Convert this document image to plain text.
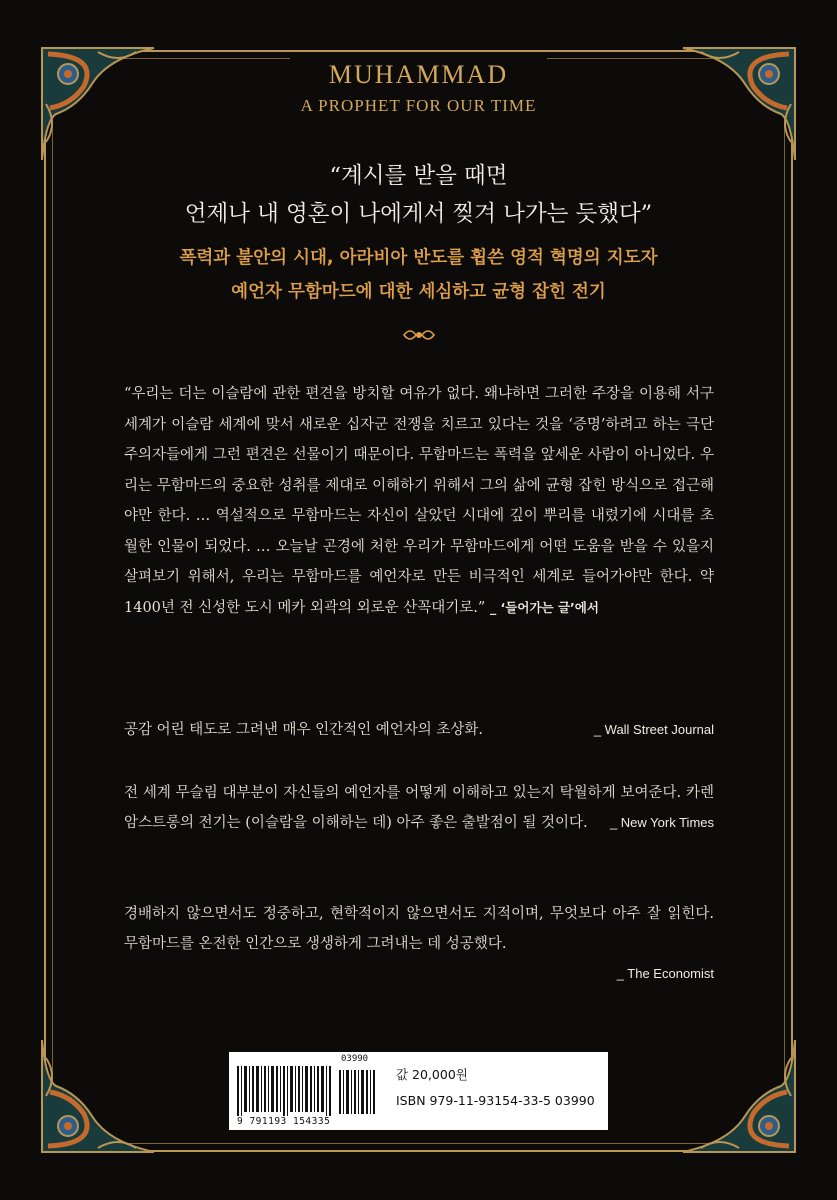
MUHAMMAD
A PROPHET FOR OUR TIME
“계시를 받을 때면
언제나 내 영혼이 나에게서 찢겨 나가는 듯했다”
폭력과 불안의 시대, 아라비아 반도를 휩쓴 영적 혁명의 지도자
예언자 무함마드에 대한 세심하고 균형 잡힌 전기
“우리는 더는 이슬람에 관한 편견을 방치할 여유가 없다. 왜냐하면 그러한 주장을 이용해 서구 세계가 이슬람 세계에 맞서 새로운 십자군 전쟁을 치르고 있다는 것을 ‘증명’하려고 하는 극단주의자들에게 그런 편견은 선물이기 때문이다. 무함마드는 폭력을 앞세운 사람이 아니었다. 우리는 무함마드의 중요한 성취를 제대로 이해하기 위해서 그의 삶에 균형 잡힌 방식으로 접근해야만 한다. … 역설적으로 무함마드는 자신이 살았던 시대에 깊이 뿌리를 내렸기에 시대를 초월한 인물이 되었다. … 오늘날 곤경에 처한 우리가 무함마드에게 어떤 도움을 받을 수 있을지 살펴보기 위해서, 우리는 무함마드를 예언자로 만든 비극적인 세계로 들어가야만 한다. 약 1400년 전 신성한 도시 메카 외곽의 외로운 산꼭대기로.” _ ‘들어가는 글’에서
공감 어린 태도로 그려낸 매우 인간적인 예언자의 초상화.	_ Wall Street Journal
전 세계 무슬림 대부분이 자신들의 예언자를 어떻게 이해하고 있는지 탁월하게 보여준다. 카렌 암스트롱의 전기는 (이슬람을 이해하는 데) 아주 좋은 출발점이 될 것이다.	_ New York Times
경배하지 않으면서도 정중하고, 현학적이지 않으면서도 지적이며, 무엇보다 아주 잘 읽힌다. 무함마드를 온전한 인간으로 생생하게 그려내는 데 성공했다.
_ The Economist
03990
9 791193 154335
값 20,000원
ISBN 979-11-93154-33-5 03990
